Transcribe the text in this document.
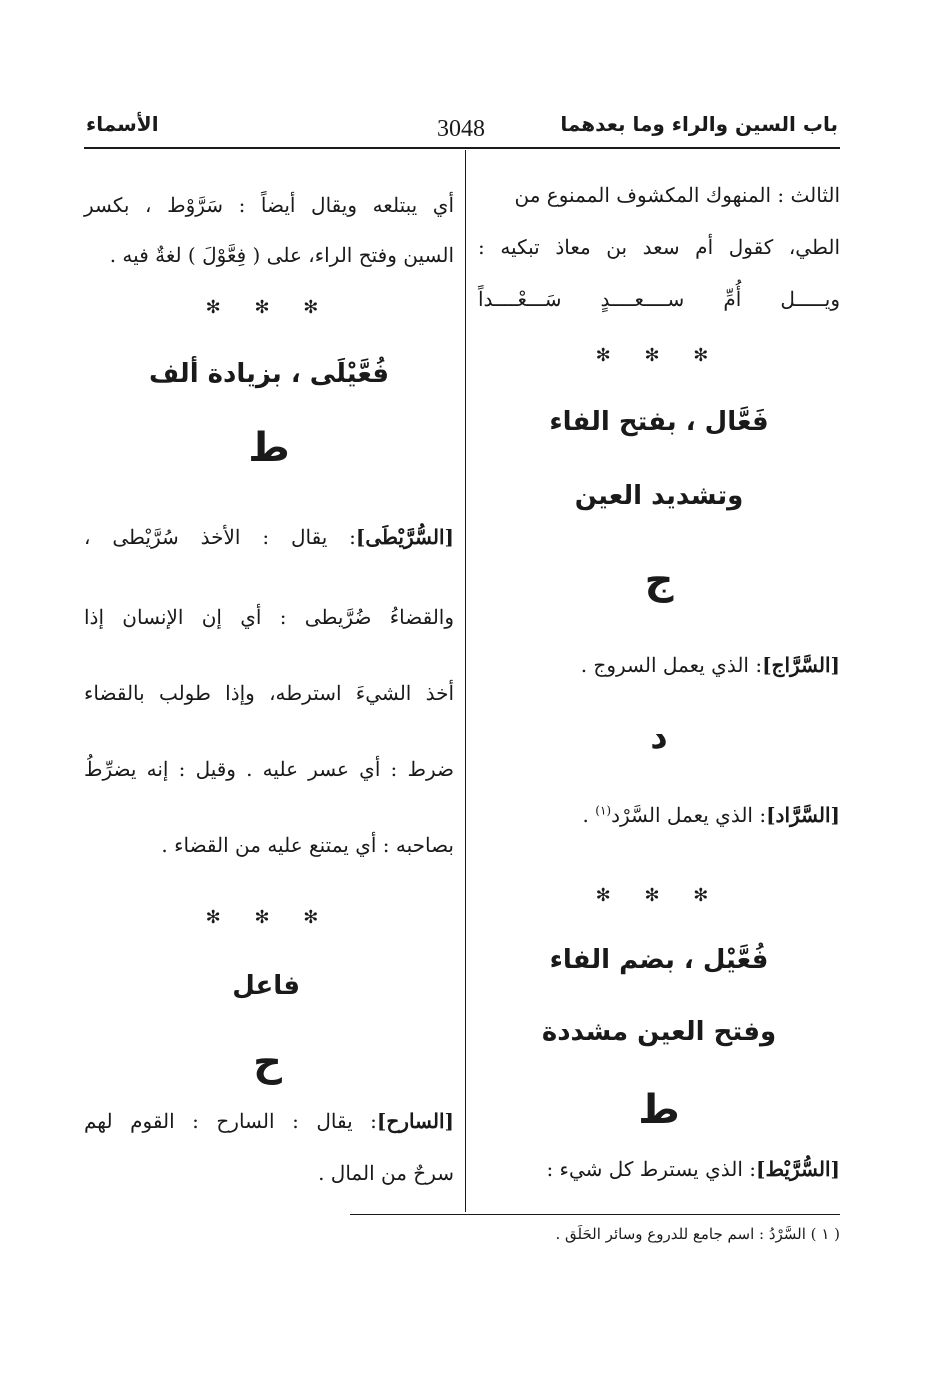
باب السين والراء وما بعدهما
3048
الأسماء
الثالث : المنهوك المكشوف الممنوع من
الطي، كقول أم سعد بن معاذ تبكيه :
ويـــــل أُمِّ ســــعــــدٍ سَـــعْــــداً
✻ ✻ ✻
فَعَّال ، بفتح الفاء
وتشديد العين
ج
[السَّرَّاج]: الذي يعمل السروج .
د
[السَّرَّاد]: الذي يعمل السَّرْد$^{(١)}$ .
✻ ✻ ✻
فُعَّيْل ، بضم الفاء
وفتح العين مشددة
ط
[السُّرَّيْط]: الذي يسترط كل شيء :
أي يبتلعه ويقال أيضاً : سَرَّوْط ، بكسر
السين وفتح الراء، على ( فِعَّوْلَ ) لغةٌ فيه .
✻ ✻ ✻
فُعَّيْلَى ، بزيادة ألف
ط
[السُّرَّيْطَى]: يقال : الأخذ سُرَّيْطى ،
والقضاءُ ضُرَّيطى : أي إن الإنسان إذا
أخذ الشيءَ استرطه، وإذا طولب بالقضاء
ضرط : أي عسر عليه . وقيل : إنه يضرِّطُ
بصاحبه : أي يمتنع عليه من القضاء .
✻ ✻ ✻
فاعل
ح
[السارح]: يقال : السارح : القوم لهم
سرحٌ من المال .
( ١ ) السَّرْدُ : اسم جامع للدروع وسائر الحَلَق .
